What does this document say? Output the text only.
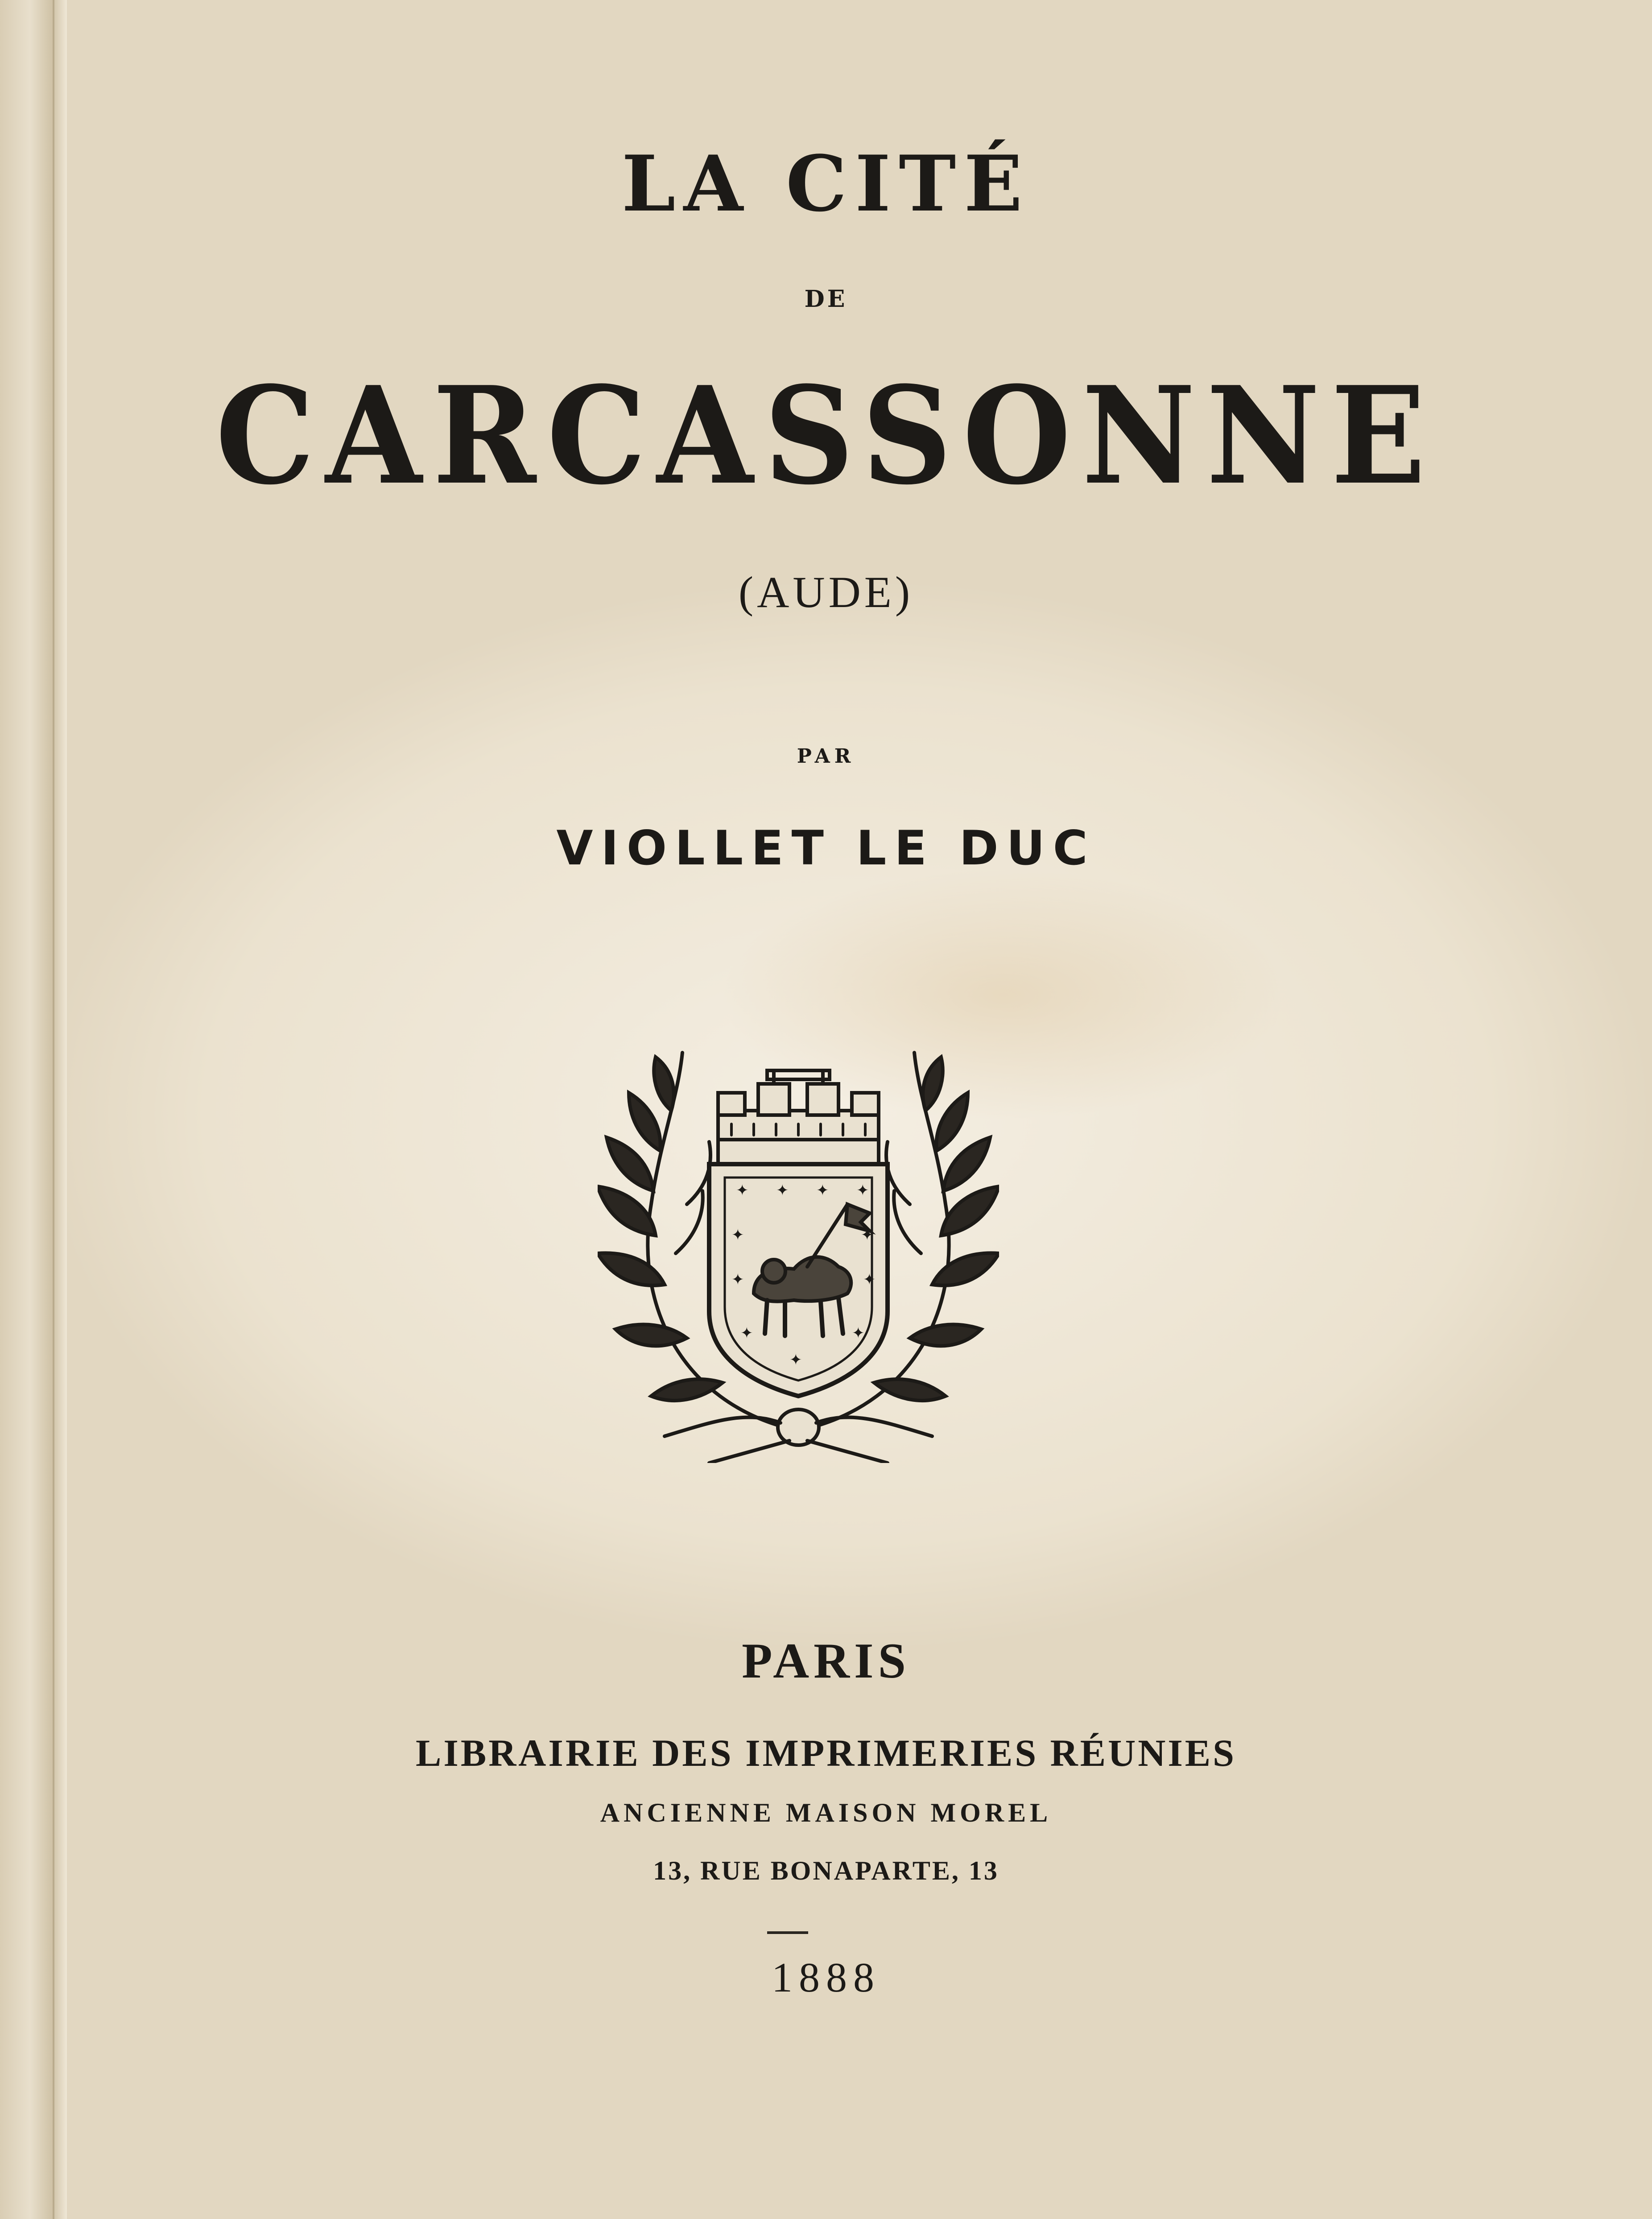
LA CITÉ
DE
CARCASSONNE
(AUDE)
PAR
VIOLLET LE DUC
✦ ✦ ✦ ✦
✦	✦
✦	✦
✦	✦
✦
PARIS
LIBRAIRIE DES IMPRIMERIES RÉUNIES
ANCIENNE MAISON MOREL
13, RUE BONAPARTE, 13
1888
